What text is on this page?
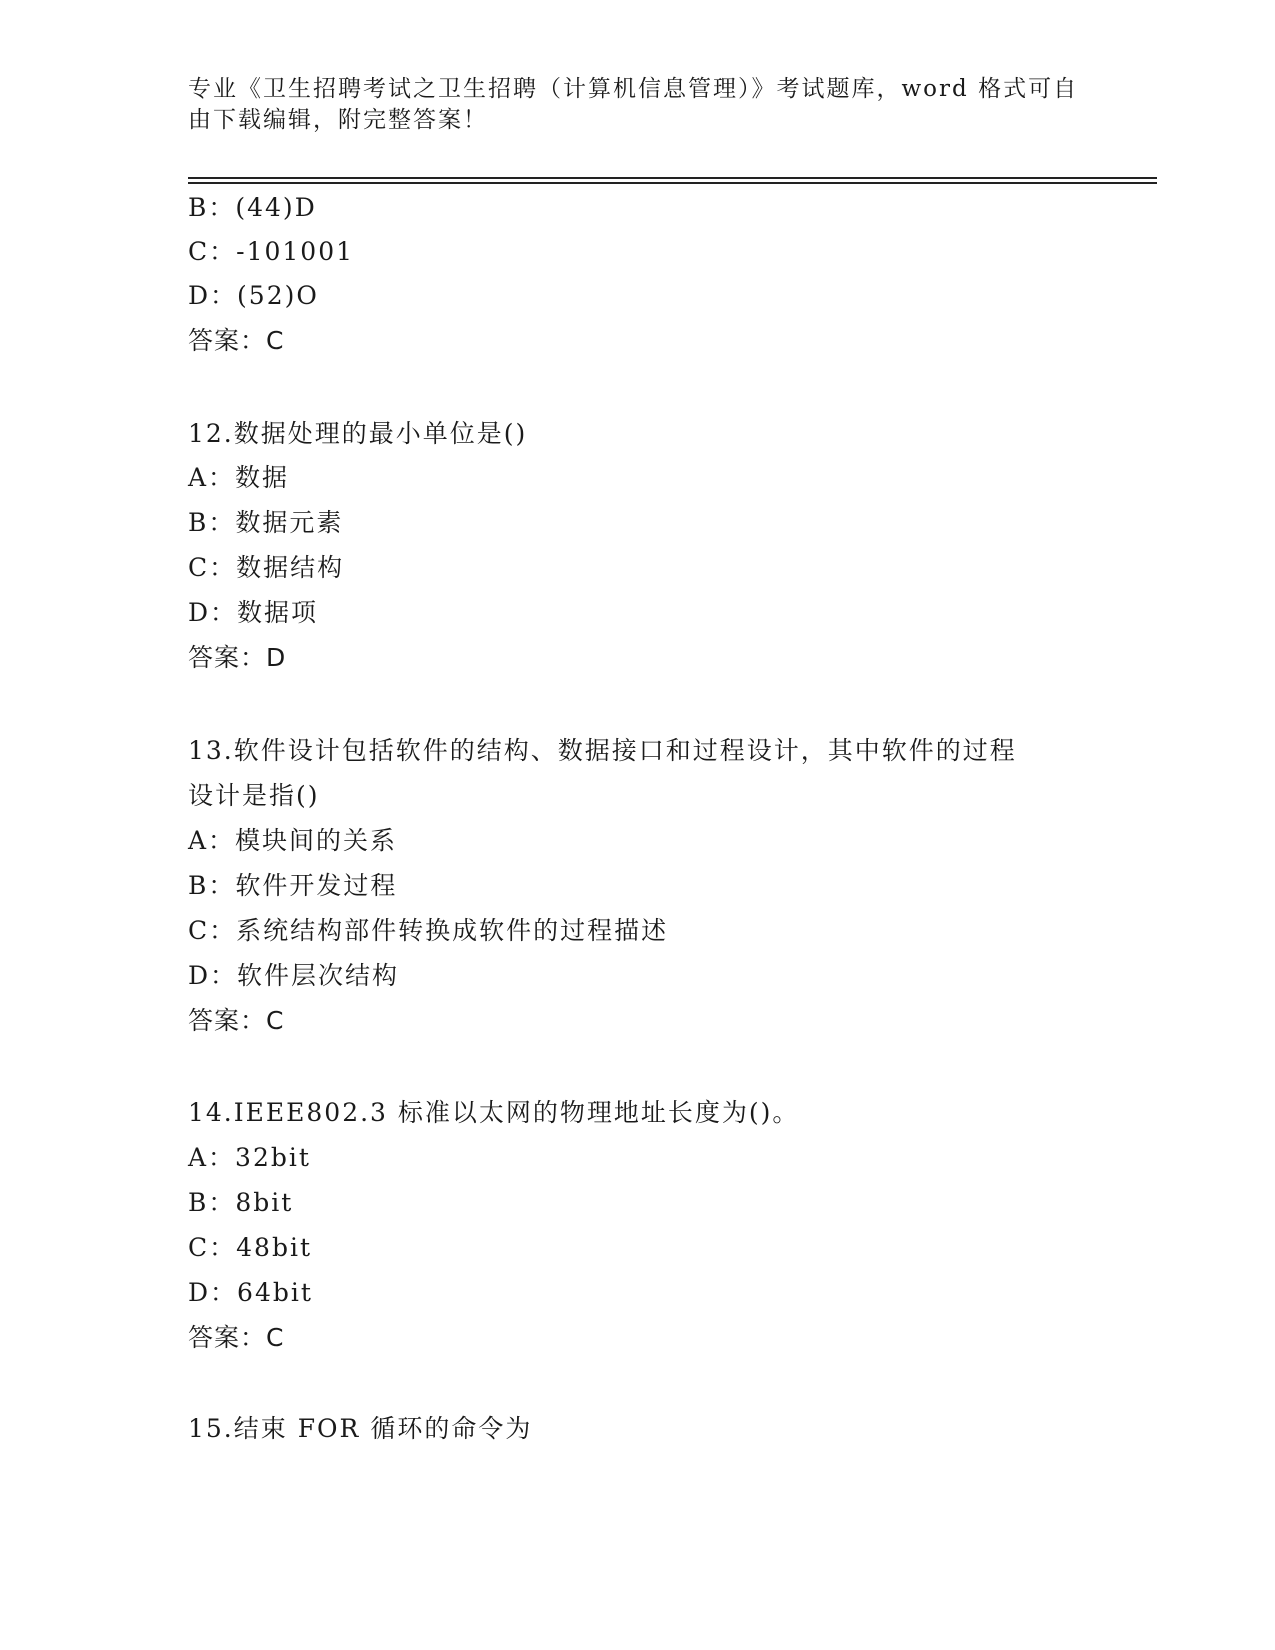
专业《卫生招聘考试之卫生招聘（计算机信息管理）》考试题库，word 格式可自
由下载编辑，附完整答案！
B：(44)D
C：-101001
D：(52)O
答案：C
12.数据处理的最小单位是()
A：数据
B：数据元素
C：数据结构
D：数据项
答案：D
13.软件设计包括软件的结构、数据接口和过程设计，其中软件的过程
设计是指()
A：模块间的关系
B：软件开发过程
C：系统结构部件转换成软件的过程描述
D：软件层次结构
答案：C
14.IEEE802.3 标准以太网的物理地址长度为()。
A：32bit
B：8bit
C：48bit
D：64bit
答案：C
15.结束 FOR 循环的命令为
